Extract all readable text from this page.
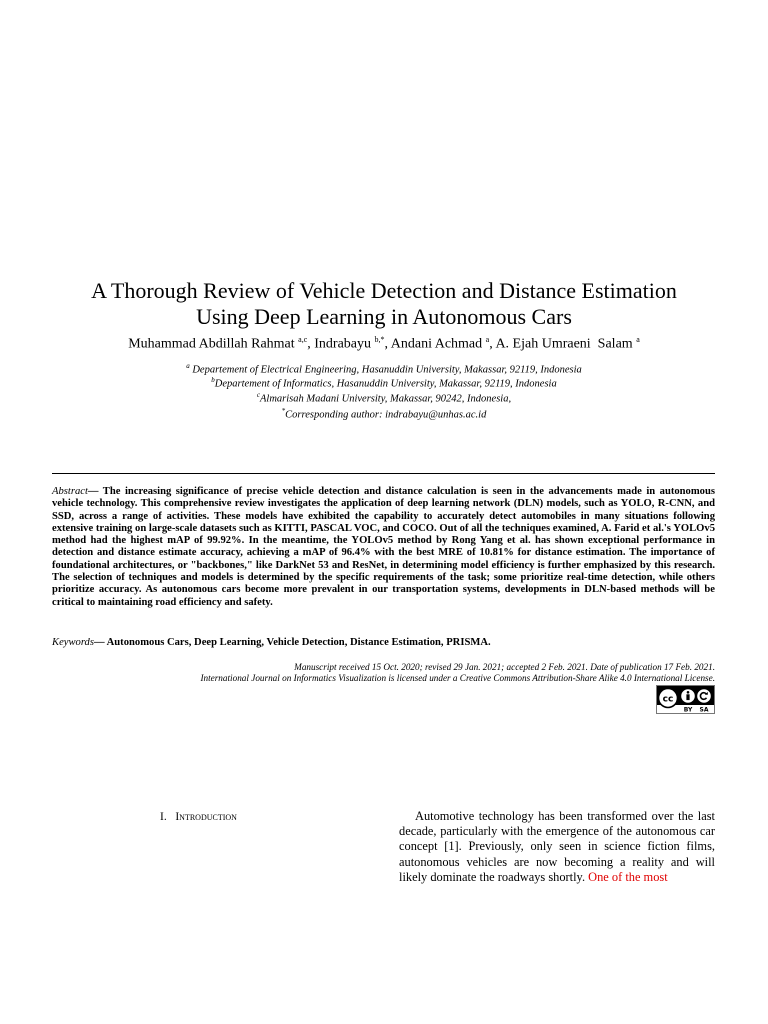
A Thorough Review of Vehicle Detection and Distance Estimation
Using Deep Learning in Autonomous Cars
Muhammad Abdillah Rahmat $^{a,c}$, Indrabayu $^{b,*}$, Andani Achmad $^a$, A. Ejah Umraeni  Salam $^a$
$^a$ Departement of Electrical Engineering, Hasanuddin University, Makassar, 92119, Indonesia
$^b$Departement of Informatics, Hasanuddin University, Makassar, 92119, Indonesia
$^c$Almarisah Madani University, Makassar, 90242, Indonesia,
*Corresponding author: indrabayu@unhas.ac.id
Abstract— The increasing significance of precise vehicle detection and distance calculation is seen in the advancements made in autonomous vehicle technology. This comprehensive review investigates the application of deep learning network (DLN) models, such as YOLO, R-CNN, and SSD, across a range of activities. These models have exhibited the capability to accurately detect automobiles in many situations following extensive training on large-scale datasets such as KITTI, PASCAL VOC, and COCO. Out of all the techniques examined, A. Farid et al.'s YOLOv5 method had the highest mAP of 99.92%. In the meantime, the YOLOv5 method by Rong Yang et al. has shown exceptional performance in detection and distance estimate accuracy, achieving a mAP of 96.4% with the best MRE of 10.81% for distance estimation. The importance of foundational architectures, or "backbones," like DarkNet 53 and ResNet, in determining model efficiency is further emphasized by this research. The selection of techniques and models is determined by the specific requirements of the task; some prioritize real-time detection, while others prioritize accuracy. As autonomous cars become more prevalent in our transportation systems, developments in DLN-based methods will be critical to maintaining road efficiency and safety.
Keywords— Autonomous Cars, Deep Learning, Vehicle Detection, Distance Estimation, PRISMA.
Manuscript received 15 Oct. 2020; revised 29 Jan. 2021; accepted 2 Feb. 2021. Date of publication 17 Feb. 2021.
International Journal on Informatics Visualization is licensed under a Creative Commons Attribution-Share Alike 4.0 International License.
cc
BY SA
I. Introduction	Automotive technology has been transformed over the last decade, particularly with the emergence of the autonomous car concept [1]. Previously, only seen in science fiction films, autonomous vehicles are now becoming a reality and will likely dominate the roadways shortly. One of the most
